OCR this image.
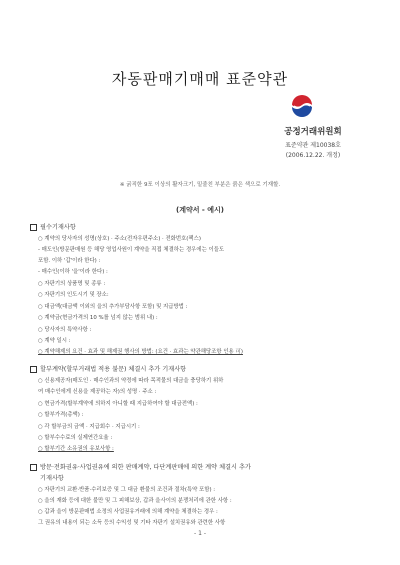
자동판매기매매 표준약관
공정거래위원회
표준약관 제10038호
(2006.12.22. 개정)
※ 굵직한 9포 이상의 활자크기, 밑줄친 부분은 붉은 색으로 기재할.
(계약서 - 예시)
필수기재사항
○ 계약의 당사자의 성명(상호) · 주소(전자우편주소) · 전화번호(팩스)
- 매도인(방문판매원 등 해당 영업사원이 계약을 직접 체결하는 경우에는 이들도
포함. 이하 '갑'이라 한다) :
- 매수인(이하 '을'이라 한다) :
○ 자판기의 상품명 및 종류 :
○ 자판기의 인도시기 및 장소:
○ 대금액(대금액 이외의 을의 추가부담사항 포함) 및 지급방법 :
○ 계약금(현금가격의 10 %를 넘지 않는 범위 내) :
○ 당사자의 특약사항 :
○ 계약 일시 :
○ 계약해제의 요건 · 효과 및 해제권 행사의 방법: (요건 · 효과는 약관해당조항 인용 可)
할부계약(할부거래법 적용 불문) 체결시 추가 기재사항
○ 신용제공자(매도인 · 매수인과의 약정에 따라 목적물의 대금을 충당하기 위하
여 매수인에게 신용을 제공하는 자)의 성명 · 주소 :
○ 현금가격(할부계약에 의하지 아니할 때 지급하여야 할 대금전액) :
○ 할부가격(총액) :
○ 각 할부금의 금액 · 지급회수 · 지급시기 :
○ 할부수수료의 실제연간요율 :
○ 할부기간 소유권의 유보사항 :
방문·전화권유·사업권유에 의한 판매계약, 다단계판매에 의한 계약 체결시 추가
기재사항
○ 자판기의 교환·반품·수리보증 및 그 대금 환불의 조건과 절차(특약 포함) :
○ 을의 재화 등에 대한 불만 및 그 피해보상, 갑과 을사이의 분쟁처리에 관한 사항 :
○ 갑과 을이 방문판매법 소정의 사업권유거래에 의해 계약을 체결하는 경우 :
그 권유의 내용이 되는 소득 등의 수익성 및 기타 자판기 설치권유와 관련한 사항
- 1 -
